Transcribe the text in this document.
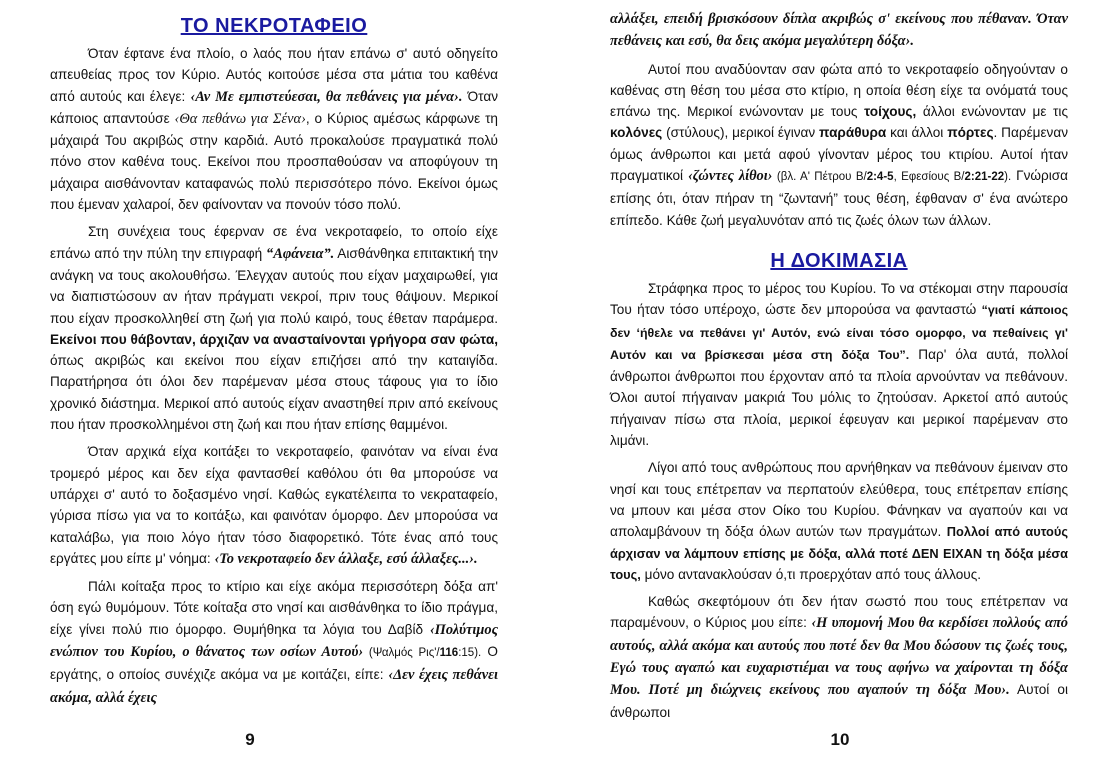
ΤΟ ΝΕΚΡΟΤΑΦΕΙΟ

Όταν έφτανε ένα πλοίο, ο λαός που ήταν επάνω σ' αυτό οδηγείτο απευθείας προς τον Κύριο. Αυτός κοιτούσε μέσα στα μάτια του καθένα από αυτούς και έλεγε: ‹Αν Με εμπιστεύεσαι, θα πεθάνεις για μένα›. Όταν κάποιος απαντούσε ‹Θα πεθάνω για Σένα›, ο Κύριος αμέσως κάρφωνε τη μάχαιρά Του ακριβώς στην καρδιά. Αυτό προκαλούσε πραγματικά πολύ πόνο στον καθένα τους. Εκείνοι που προσπαθούσαν να αποφύγουν τη μάχαιρα αισθάνονταν καταφανώς πολύ περισσότερο πόνο. Εκείνοι όμως που έμεναν χαλαροί, δεν φαίνονταν να πονούν τόσο πολύ.

Στη συνέχεια τους έφερναν σε ένα νεκροταφείο, το οποίο είχε επάνω από την πύλη την επιγραφή “Αφάνεια”. Αισθάνθηκα επιτακτική την ανάγκη να τους ακολουθήσω. Έλεγχαν αυτούς που είχαν μαχαιρωθεί, για να διαπιστώσουν αν ήταν πράγματι νεκροί, πριν τους θάψουν. Μερικοί που είχαν προσκολληθεί στη ζωή για πολύ καιρό, τους έθεταν παράμερα. Εκείνοι που θάβονταν, άρχιζαν να ανασταίνονται γρήγορα σαν φώτα, όπως ακριβώς και εκείνοι που είχαν επιζήσει από την καταιγίδα. Παρατήρησα ότι όλοι δεν παρέμεναν μέσα στους τάφους για το ίδιο χρονικό διάστημα. Μερικοί από αυτούς είχαν αναστηθεί πριν από εκείνους που ήταν προσκολλημένοι στη ζωή και που ήταν επίσης θαμμένοι.

Όταν αρχικά είχα κοιτάξει το νεκροταφείο, φαινόταν να είναι ένα τρομερό μέρος και δεν είχα φαντασθεί καθόλου ότι θα μπορούσε να υπάρχει σ' αυτό το δοξασμένο νησί. Καθώς εγκατέλειπα το νεκραταφείο, γύρισα πίσω για να το κοιτάξω, και φαινόταν όμορφο. Δεν μπορούσα να καταλάβω, για ποιο λόγο ήταν τόσο διαφορετικό. Τότε ένας από τους εργάτες μου είπε μ' νόημα: ‹Το νεκροταφείο δεν άλλαξε, εσύ άλλαξες...›.

Πάλι κοίταξα προς το κτίριο και είχε ακόμα περισσότερη δόξα απ' όση εγώ θυμόμουν. Τότε κοίταξα στο νησί και αισθάνθηκα το ίδιο πράγμα, είχε γίνει πολύ πιο όμορφο. Θυμήθηκα τα λόγια του Δαβίδ ‹Πολύτιμος ενώπιον του Κυρίου, ο θάνατος των οσίων Αυτού› (Ψαλμός Ρις'/116:15). Ο εργάτης, ο οποίος συνέχιζε ακόμα να με κοιτάζει, είπε: ‹Δεν έχεις πεθάνει ακόμα, αλλά έχεις

9

αλλάξει, επειδή βρισκόσουν δίπλα ακριβώς σ' εκείνους που πέθαναν. Όταν πεθάνεις και εσύ, θα δεις ακόμα μεγαλύτερη δόξα›.

Αυτοί που αναδύονταν σαν φώτα από το νεκροταφείο οδηγούνταν ο καθένας στη θέση του μέσα στο κτίριο, η οποία θέση είχε τα ονόματά τους επάνω της. Μερικοί ενώνονταν με τους τοίχους, άλλοι ενώνονταν με τις κολόνες (στύλους), μερικοί έγιναν παράθυρα και άλλοι πόρτες. Παρέμεναν όμως άνθρωποι και μετά αφού γίνονταν μέρος του κτιρίου. Αυτοί ήταν πραγματικοί ‹ζώντες λίθοι› (βλ. Α' Πέτρου Β/2:4-5, Εφεσίους Β/2:21-22). Γνώρισα επίσης ότι, όταν πήραν τη “ζωντανή” τους θέση, έφθαναν σ' ένα ανώτερο επίπεδο. Κάθε ζωή μεγαλυνόταν από τις ζωές όλων των άλλων.

Η ΔΟΚΙΜΑΣΙΑ

Στράφηκα προς το μέρος του Κυρίου. Το να στέκομαι στην παρουσία Του ήταν τόσο υπέροχο, ώστε δεν μπορούσα να φανταστώ “γιατί κάποιος δεν ‘ήθελε να πεθάνει γι' Αυτόν, ενώ είναι τόσο ομορφο, να πεθαίνεις γι' Αυτόν και να βρίσκεσαι μέσα στη δόξα Του”. Παρ' όλα αυτά, πολλοί άνθρωποι άνθρωποι που έρχονταν από τα πλοία αρνούνταν να πεθάνουν. Όλοι αυτοί πήγαιναν μακριά Του μόλις το ζητούσαν. Αρκετοί από αυτούς πήγαιναν πίσω στα πλοία, μερικοί έφευγαν και μερικοί παρέμεναν στο λιμάνι.

Λίγοι από τους ανθρώπους που αρνήθηκαν να πεθάνουν έμειναν στο νησί και τους επέτρεπαν να περπατούν ελεύθερα, τους επέτρεπαν επίσης να μπουν και μέσα στον Οίκο του Κυρίου. Φάνηκαν να αγαπούν και να απολαμβάνουν τη δόξα όλων αυτών των πραγμάτων. Πολλοί από αυτούς άρχισαν να λάμπουν επίσης με δόξα, αλλά ποτέ ΔΕΝ ΕΙΧΑΝ τη δόξα μέσα τους, μόνο αντανακλούσαν ό,τι προερχόταν από τους άλλους.

Καθώς σκεφτόμουν ότι δεν ήταν σωστό που τους επέτρεπαν να παραμένουν, ο Κύριος μου είπε: ‹Η υπομονή Μου θα κερδίσει πολλούς από αυτούς, αλλά ακόμα και αυτούς που ποτέ δεν θα Μου δώσουν τις ζωές τους, Εγώ τους αγαπώ και ευχαριστιέμαι να τους αφήνω να χαίρονται τη δόξα Μου. Ποτέ μη διώχνεις εκείνους που αγαπούν τη δόξα Μου›. Αυτοί οι άνθρωποι

10
